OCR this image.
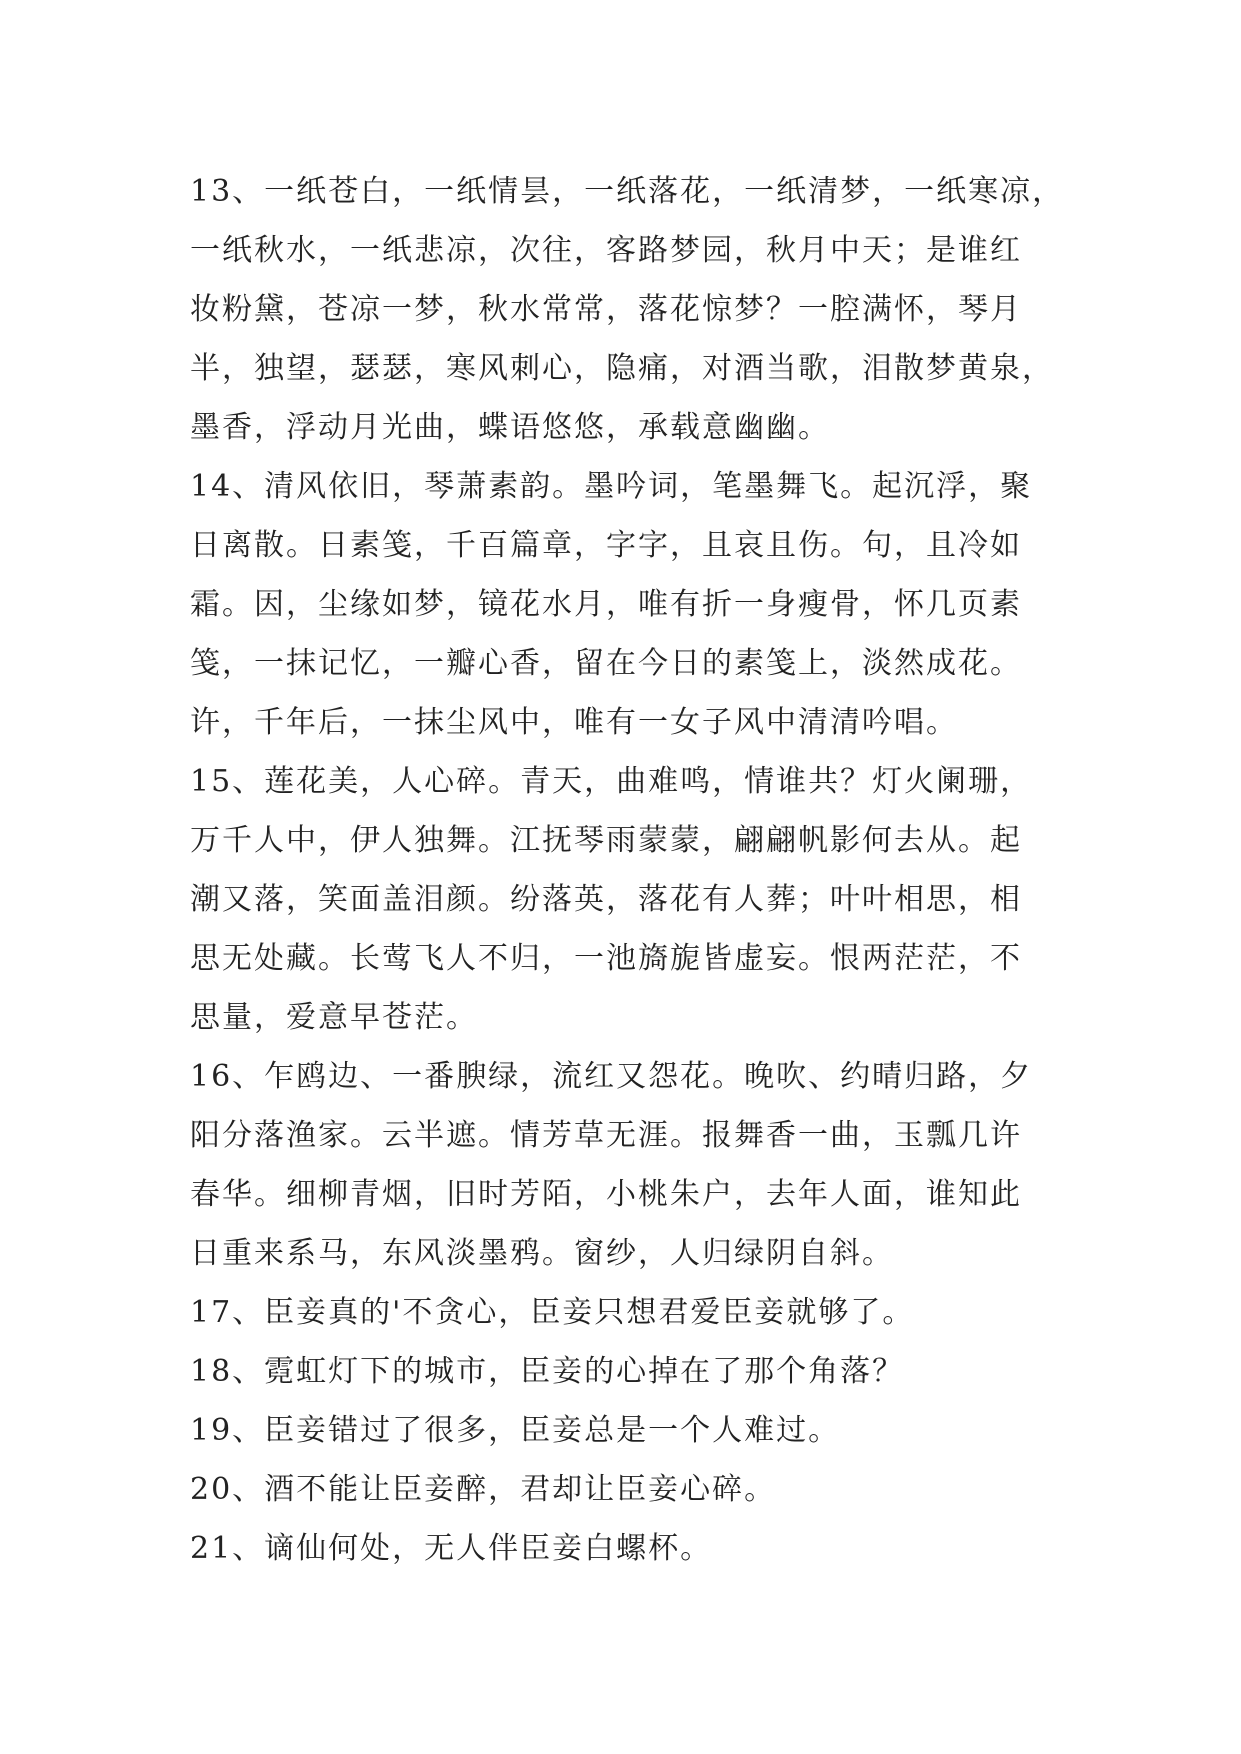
13、一纸苍白，一纸情昙，一纸落花，一纸清梦，一纸寒凉，
一纸秋水，一纸悲凉，次往，客路梦园，秋月中天；是谁红
妆粉黛，苍凉一梦，秋水常常，落花惊梦？一腔满怀，琴月
半，独望，瑟瑟，寒风刺心，隐痛，对酒当歌，泪散梦黄泉，
墨香，浮动月光曲，蝶语悠悠，承载意幽幽。
14、清风依旧，琴萧素韵。墨吟词，笔墨舞飞。起沉浮，聚
日离散。日素笺，千百篇章，字字，且哀且伤。句，且冷如
霜。因，尘缘如梦，镜花水月，唯有折一身瘦骨，怀几页素
笺，一抹记忆，一瓣心香，留在今日的素笺上，淡然成花。
许，千年后，一抹尘风中，唯有一女子风中清清吟唱。
15、莲花美，人心碎。青天，曲难鸣，情谁共？灯火阑珊，
万千人中，伊人独舞。江抚琴雨蒙蒙，翩翩帆影何去从。起
潮又落，笑面盖泪颜。纷落英，落花有人葬；叶叶相思，相
思无处藏。长莺飞人不归，一池旖旎皆虚妄。恨两茫茫，不
思量，爱意早苍茫。
16、乍鸥边、一番腴绿，流红又怨花。晚吹、约晴归路，夕
阳分落渔家。云半遮。情芳草无涯。报舞香一曲，玉瓢几许
春华。细柳青烟，旧时芳陌，小桃朱户，去年人面，谁知此
日重来系马，东风淡墨鸦。窗纱，人归绿阴自斜。
17、臣妾真的'不贪心，臣妾只想君爱臣妾就够了。
18、霓虹灯下的城市，臣妾的心掉在了那个角落？
19、臣妾错过了很多，臣妾总是一个人难过。
20、酒不能让臣妾醉，君却让臣妾心碎。
21、谪仙何处，无人伴臣妾白螺杯。
